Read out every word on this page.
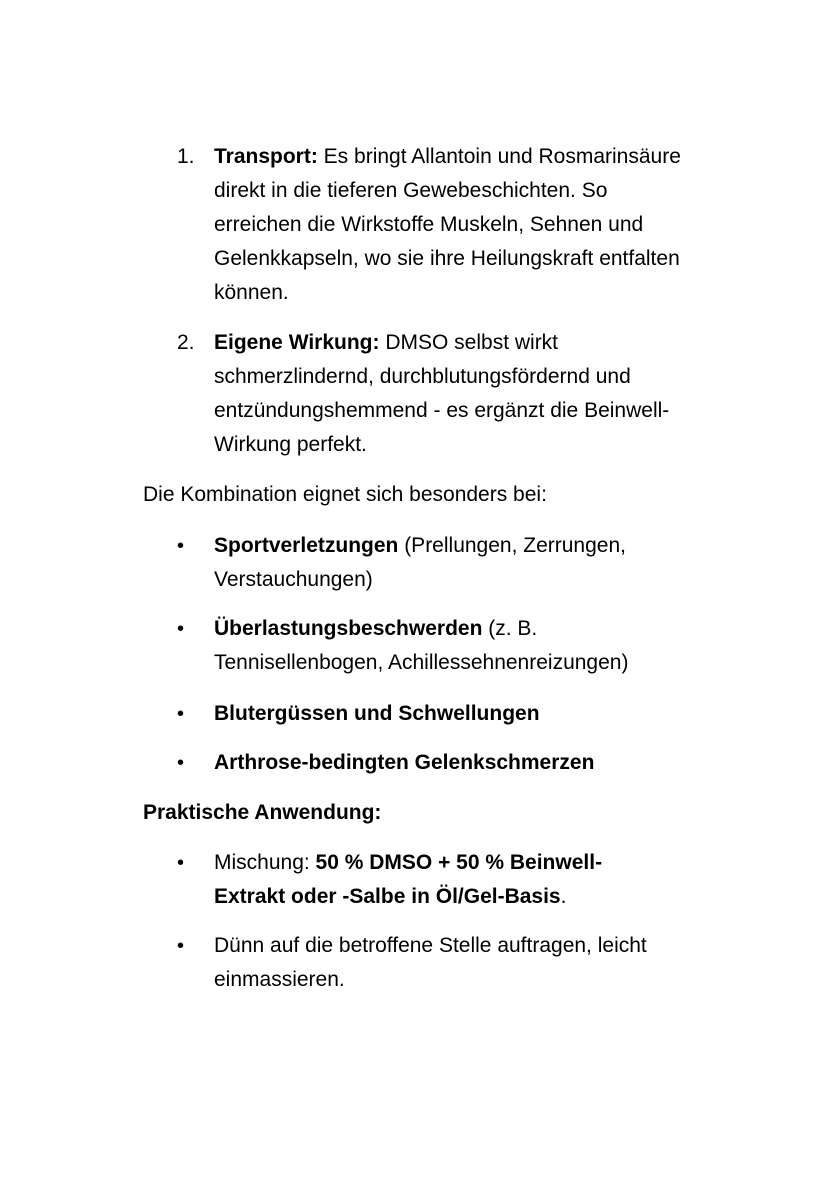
1. Transport: Es bringt Allantoin und Rosmarinsäure direkt in die tieferen Gewebeschichten. So erreichen die Wirkstoffe Muskeln, Sehnen und Gelenkkapseln, wo sie ihre Heilungskraft entfalten können.
2. Eigene Wirkung: DMSO selbst wirkt schmerzlindernd, durchblutungsfördernd und entzündungshemmend - es ergänzt die Beinwell-Wirkung perfekt.
Die Kombination eignet sich besonders bei:
• Sportverletzungen (Prellungen, Zerrungen, Verstauchungen)
• Überlastungsbeschwerden (z. B. Tennisellenbogen, Achillessehnenreizungen)
• Blutergüssen und Schwellungen
• Arthrose-bedingten Gelenkschmerzen
Praktische Anwendung:
• Mischung: 50 % DMSO + 50 % Beinwell-Extrakt oder -Salbe in Öl/Gel-Basis.
• Dünn auf die betroffene Stelle auftragen, leicht einmassieren.
